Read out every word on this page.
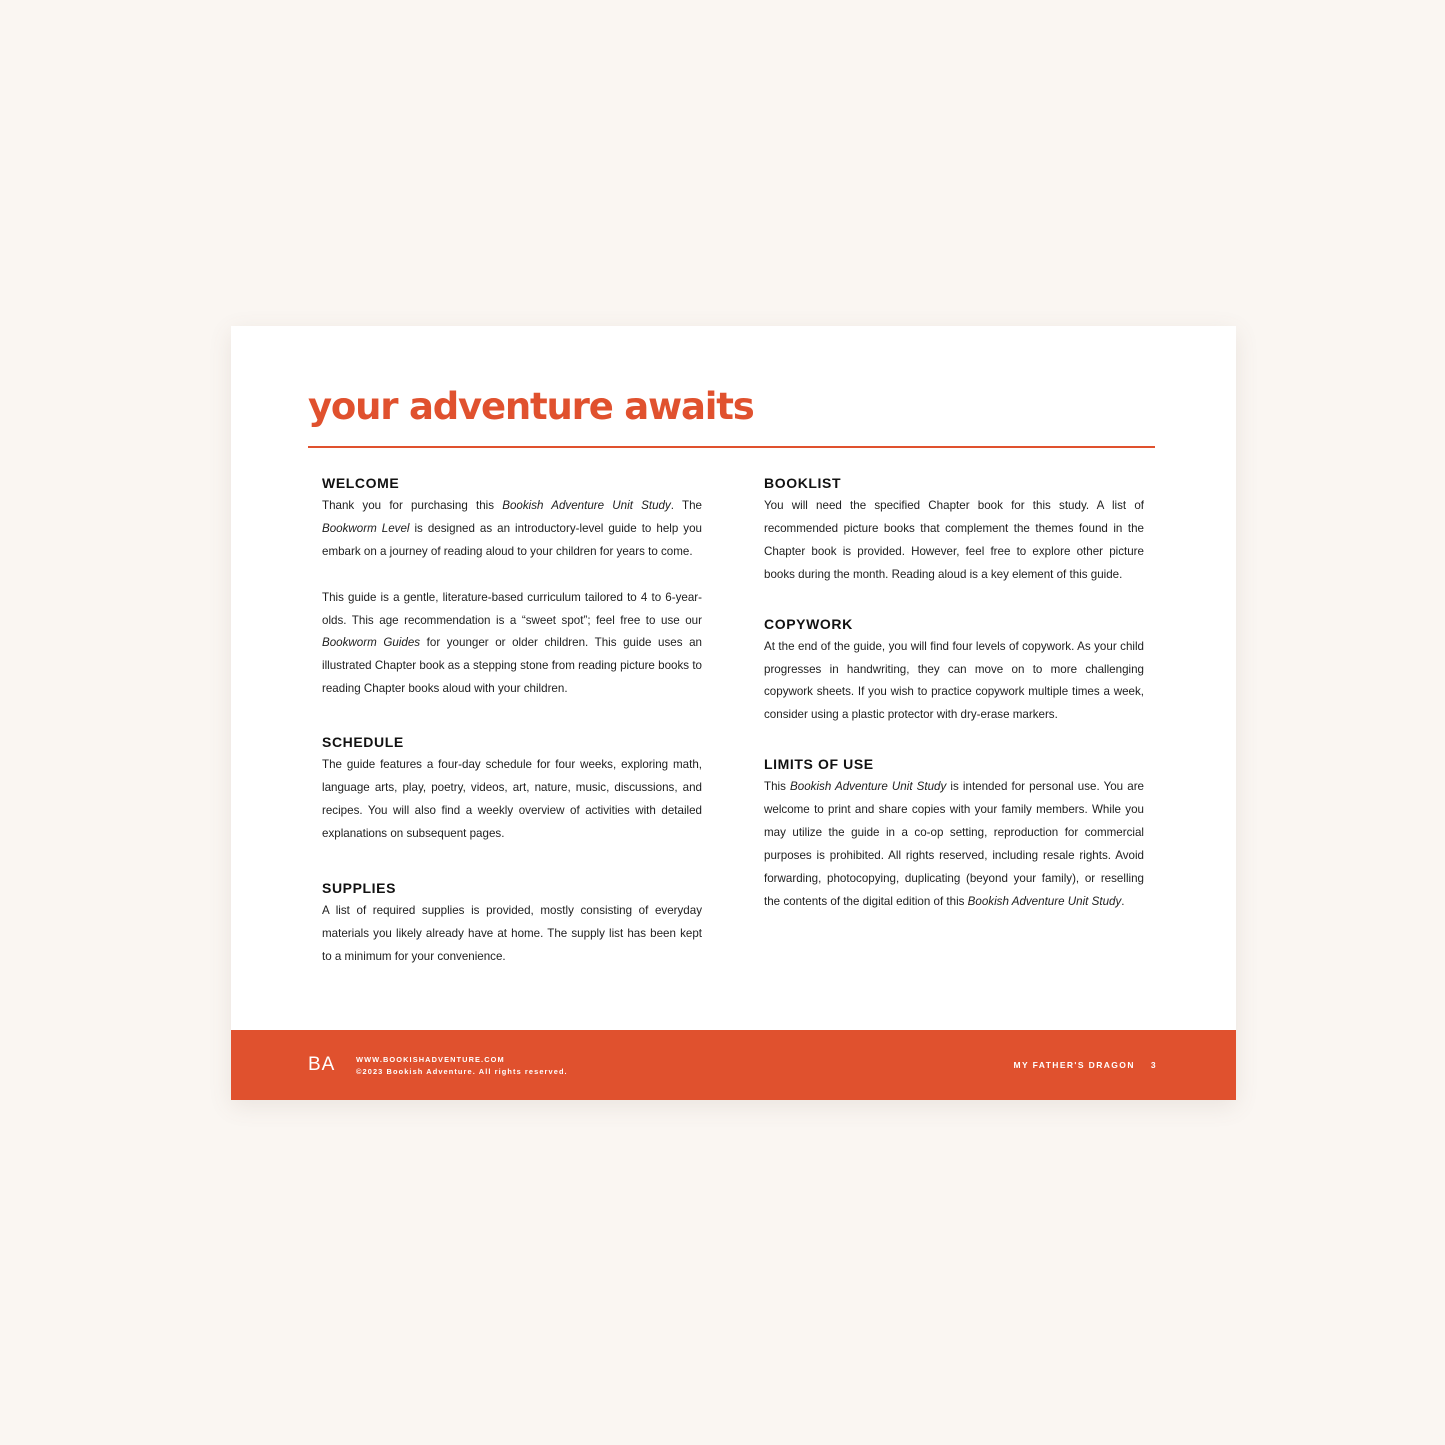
your adventure awaits
WELCOME

Thank you for purchasing this Bookish Adventure Unit Study. The Bookworm Level is designed as an introductory-level guide to help you embark on a journey of reading aloud to your children for years to come.

This guide is a gentle, literature-based curriculum tailored to 4 to 6-year-olds. This age recommendation is a “sweet spot”; feel free to use our Bookworm Guides for younger or older children. This guide uses an illustrated Chapter book as a stepping stone from reading picture books to reading Chapter books aloud with your children.

SCHEDULE

The guide features a four-day schedule for four weeks, exploring math, language arts, play, poetry, videos, art, nature, music, discussions, and recipes. You will also find a weekly overview of activities with detailed explanations on subsequent pages.

SUPPLIES

A list of required supplies is provided, mostly consisting of everyday materials you likely already have at home. The supply list has been kept to a minimum for your convenience.

BOOKLIST

You will need the specified Chapter book for this study. A list of recommended picture books that complement the themes found in the Chapter book is provided. However, feel free to explore other picture books during the month. Reading aloud is a key element of this guide.

COPYWORK

At the end of the guide, you will find four levels of copywork. As your child progresses in handwriting, they can move on to more challenging copywork sheets. If you wish to practice copywork multiple times a week, consider using a plastic protector with dry-erase markers.

LIMITS OF USE

This Bookish Adventure Unit Study is intended for personal use. You are welcome to print and share copies with your family members. While you may utilize the guide in a co-op setting, reproduction for commercial purposes is prohibited. All rights reserved, including resale rights. Avoid forwarding, photocopying, duplicating (beyond your family), or reselling the contents of the digital edition of this Bookish Adventure Unit Study.

BA	WWW.BOOKISHADVENTURE.COM
©2023 Bookish Adventure. All rights reserved.
MY FATHER'S DRAGON 3
